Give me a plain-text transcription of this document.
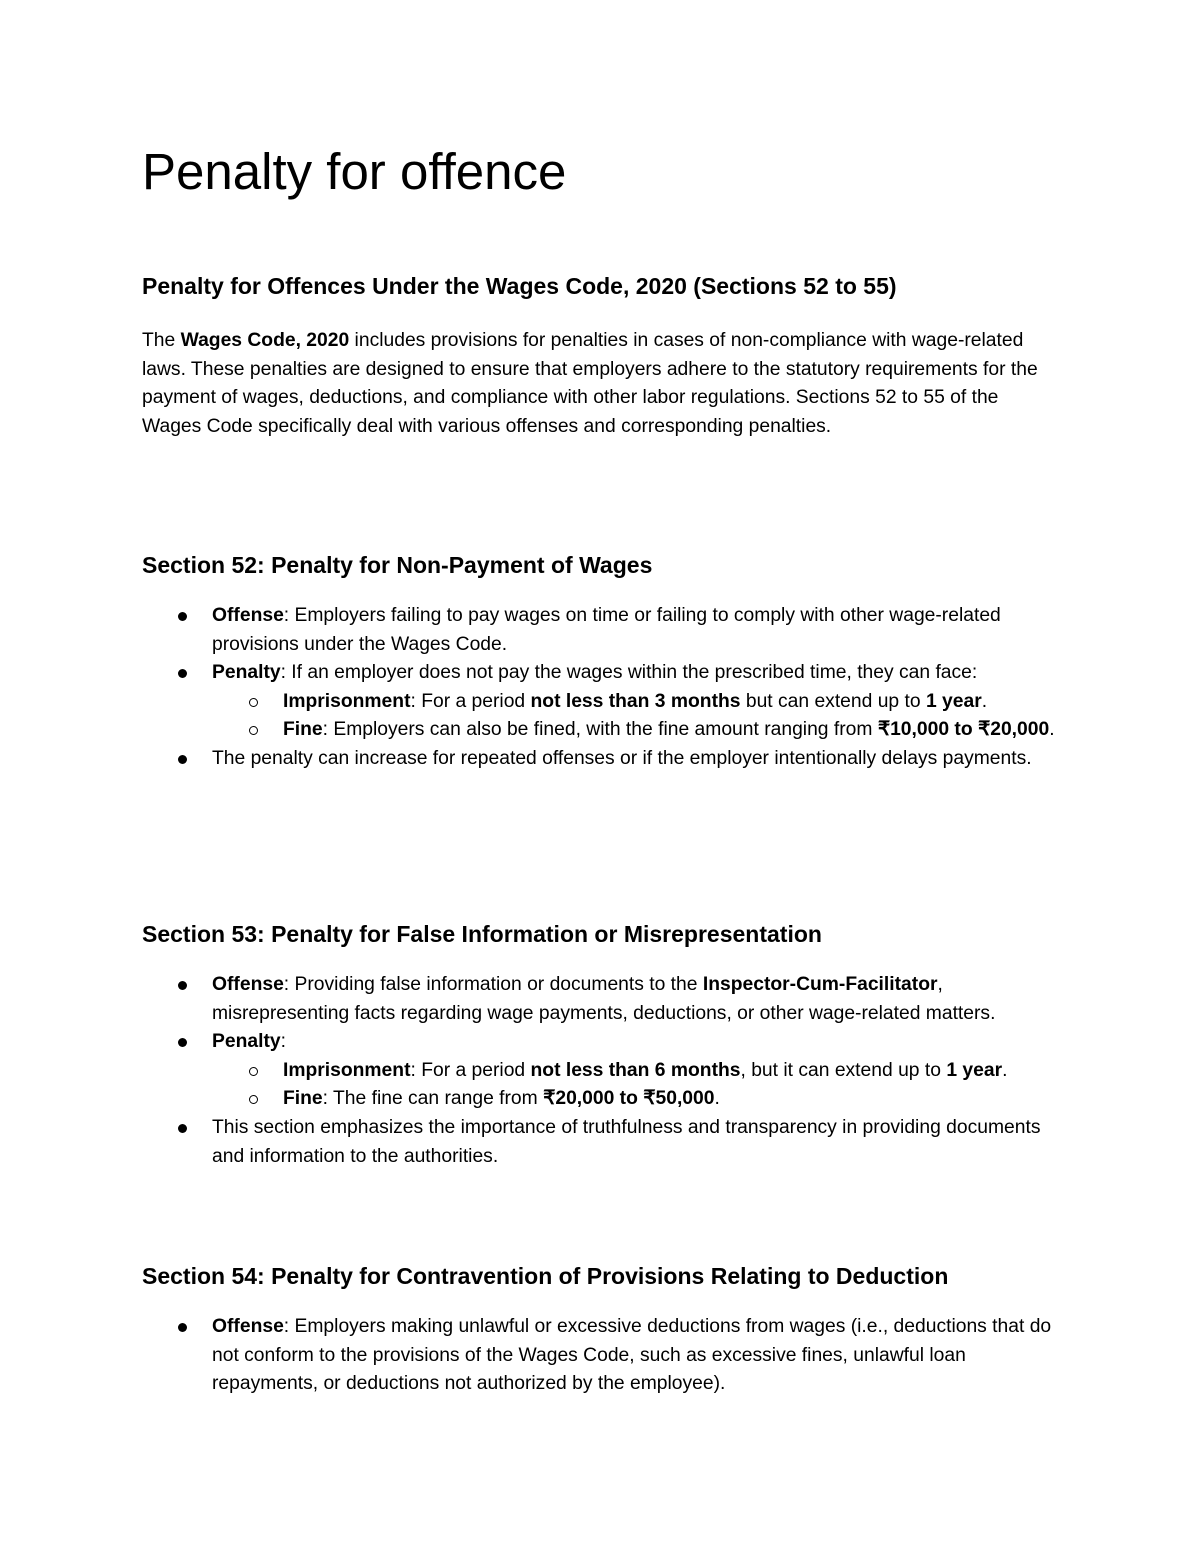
Penalty for offence
Penalty for Offences Under the Wages Code, 2020 (Sections 52 to 55)

The Wages Code, 2020 includes provisions for penalties in cases of non-compliance with wage-related laws. These penalties are designed to ensure that employers adhere to the statutory requirements for the payment of wages, deductions, and compliance with other labor regulations. Sections 52 to 55 of the Wages Code specifically deal with various offenses and corresponding penalties.

Section 52: Penalty for Non-Payment of Wages
Offense: Employers failing to pay wages on time or failing to comply with other wage-related provisions under the Wages Code.
Penalty: If an employer does not pay the wages within the prescribed time, they can face:
Imprisonment: For a period not less than 3 months but can extend up to 1 year.
Fine: Employers can also be fined, with the fine amount ranging from ₹10,000 to ₹20,000.
The penalty can increase for repeated offenses or if the employer intentionally delays payments.
Section 53: Penalty for False Information or Misrepresentation
Offense: Providing false information or documents to the Inspector-Cum-Facilitator, misrepresenting facts regarding wage payments, deductions, or other wage-related matters.
Penalty:
Imprisonment: For a period not less than 6 months, but it can extend up to 1 year.
Fine: The fine can range from ₹20,000 to ₹50,000.
This section emphasizes the importance of truthfulness and transparency in providing documents and information to the authorities.
Section 54: Penalty for Contravention of Provisions Relating to Deduction
Offense: Employers making unlawful or excessive deductions from wages (i.e., deductions that do not conform to the provisions of the Wages Code, such as excessive fines, unlawful loan repayments, or deductions not authorized by the employee).
